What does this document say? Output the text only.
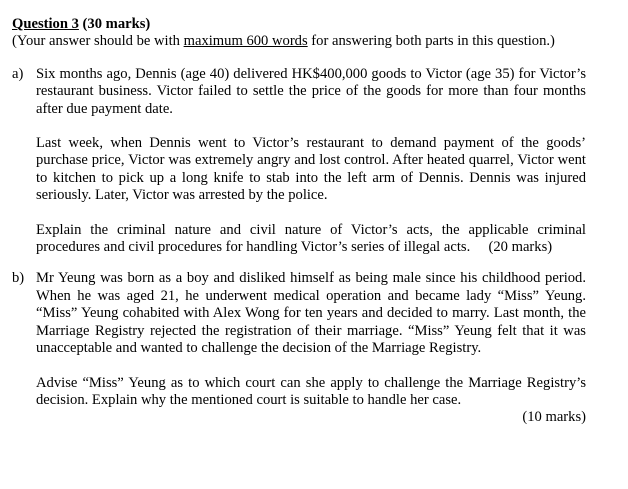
Question 3 (30 marks)
(Your answer should be with maximum 600 words for answering both parts in this question.)
a) Six months ago, Dennis (age 40) delivered HK$400,000 goods to Victor (age 35) for Victor’s restaurant business. Victor failed to settle the price of the goods for more than four months after due payment date.

Last week, when Dennis went to Victor’s restaurant to demand payment of the goods’ purchase price, Victor was extremely angry and lost control. After heated quarrel, Victor went to kitchen to pick up a long knife to stab into the left arm of Dennis. Dennis was injured seriously. Later, Victor was arrested by the police.

Explain the criminal nature and civil nature of Victor’s acts, the applicable criminal procedures and civil procedures for handling Victor’s series of illegal acts. (20 marks)

b) Mr Yeung was born as a boy and disliked himself as being male since his childhood period. When he was aged 21, he underwent medical operation and became lady “Miss” Yeung. “Miss” Yeung cohabited with Alex Wong for ten years and decided to marry. Last month, the Marriage Registry rejected the registration of their marriage. “Miss” Yeung felt that it was unacceptable and wanted to challenge the decision of the Marriage Registry.

Advise “Miss” Yeung as to which court can she apply to challenge the Marriage Registry’s decision. Explain why the mentioned court is suitable to handle her case.

(10 marks)
